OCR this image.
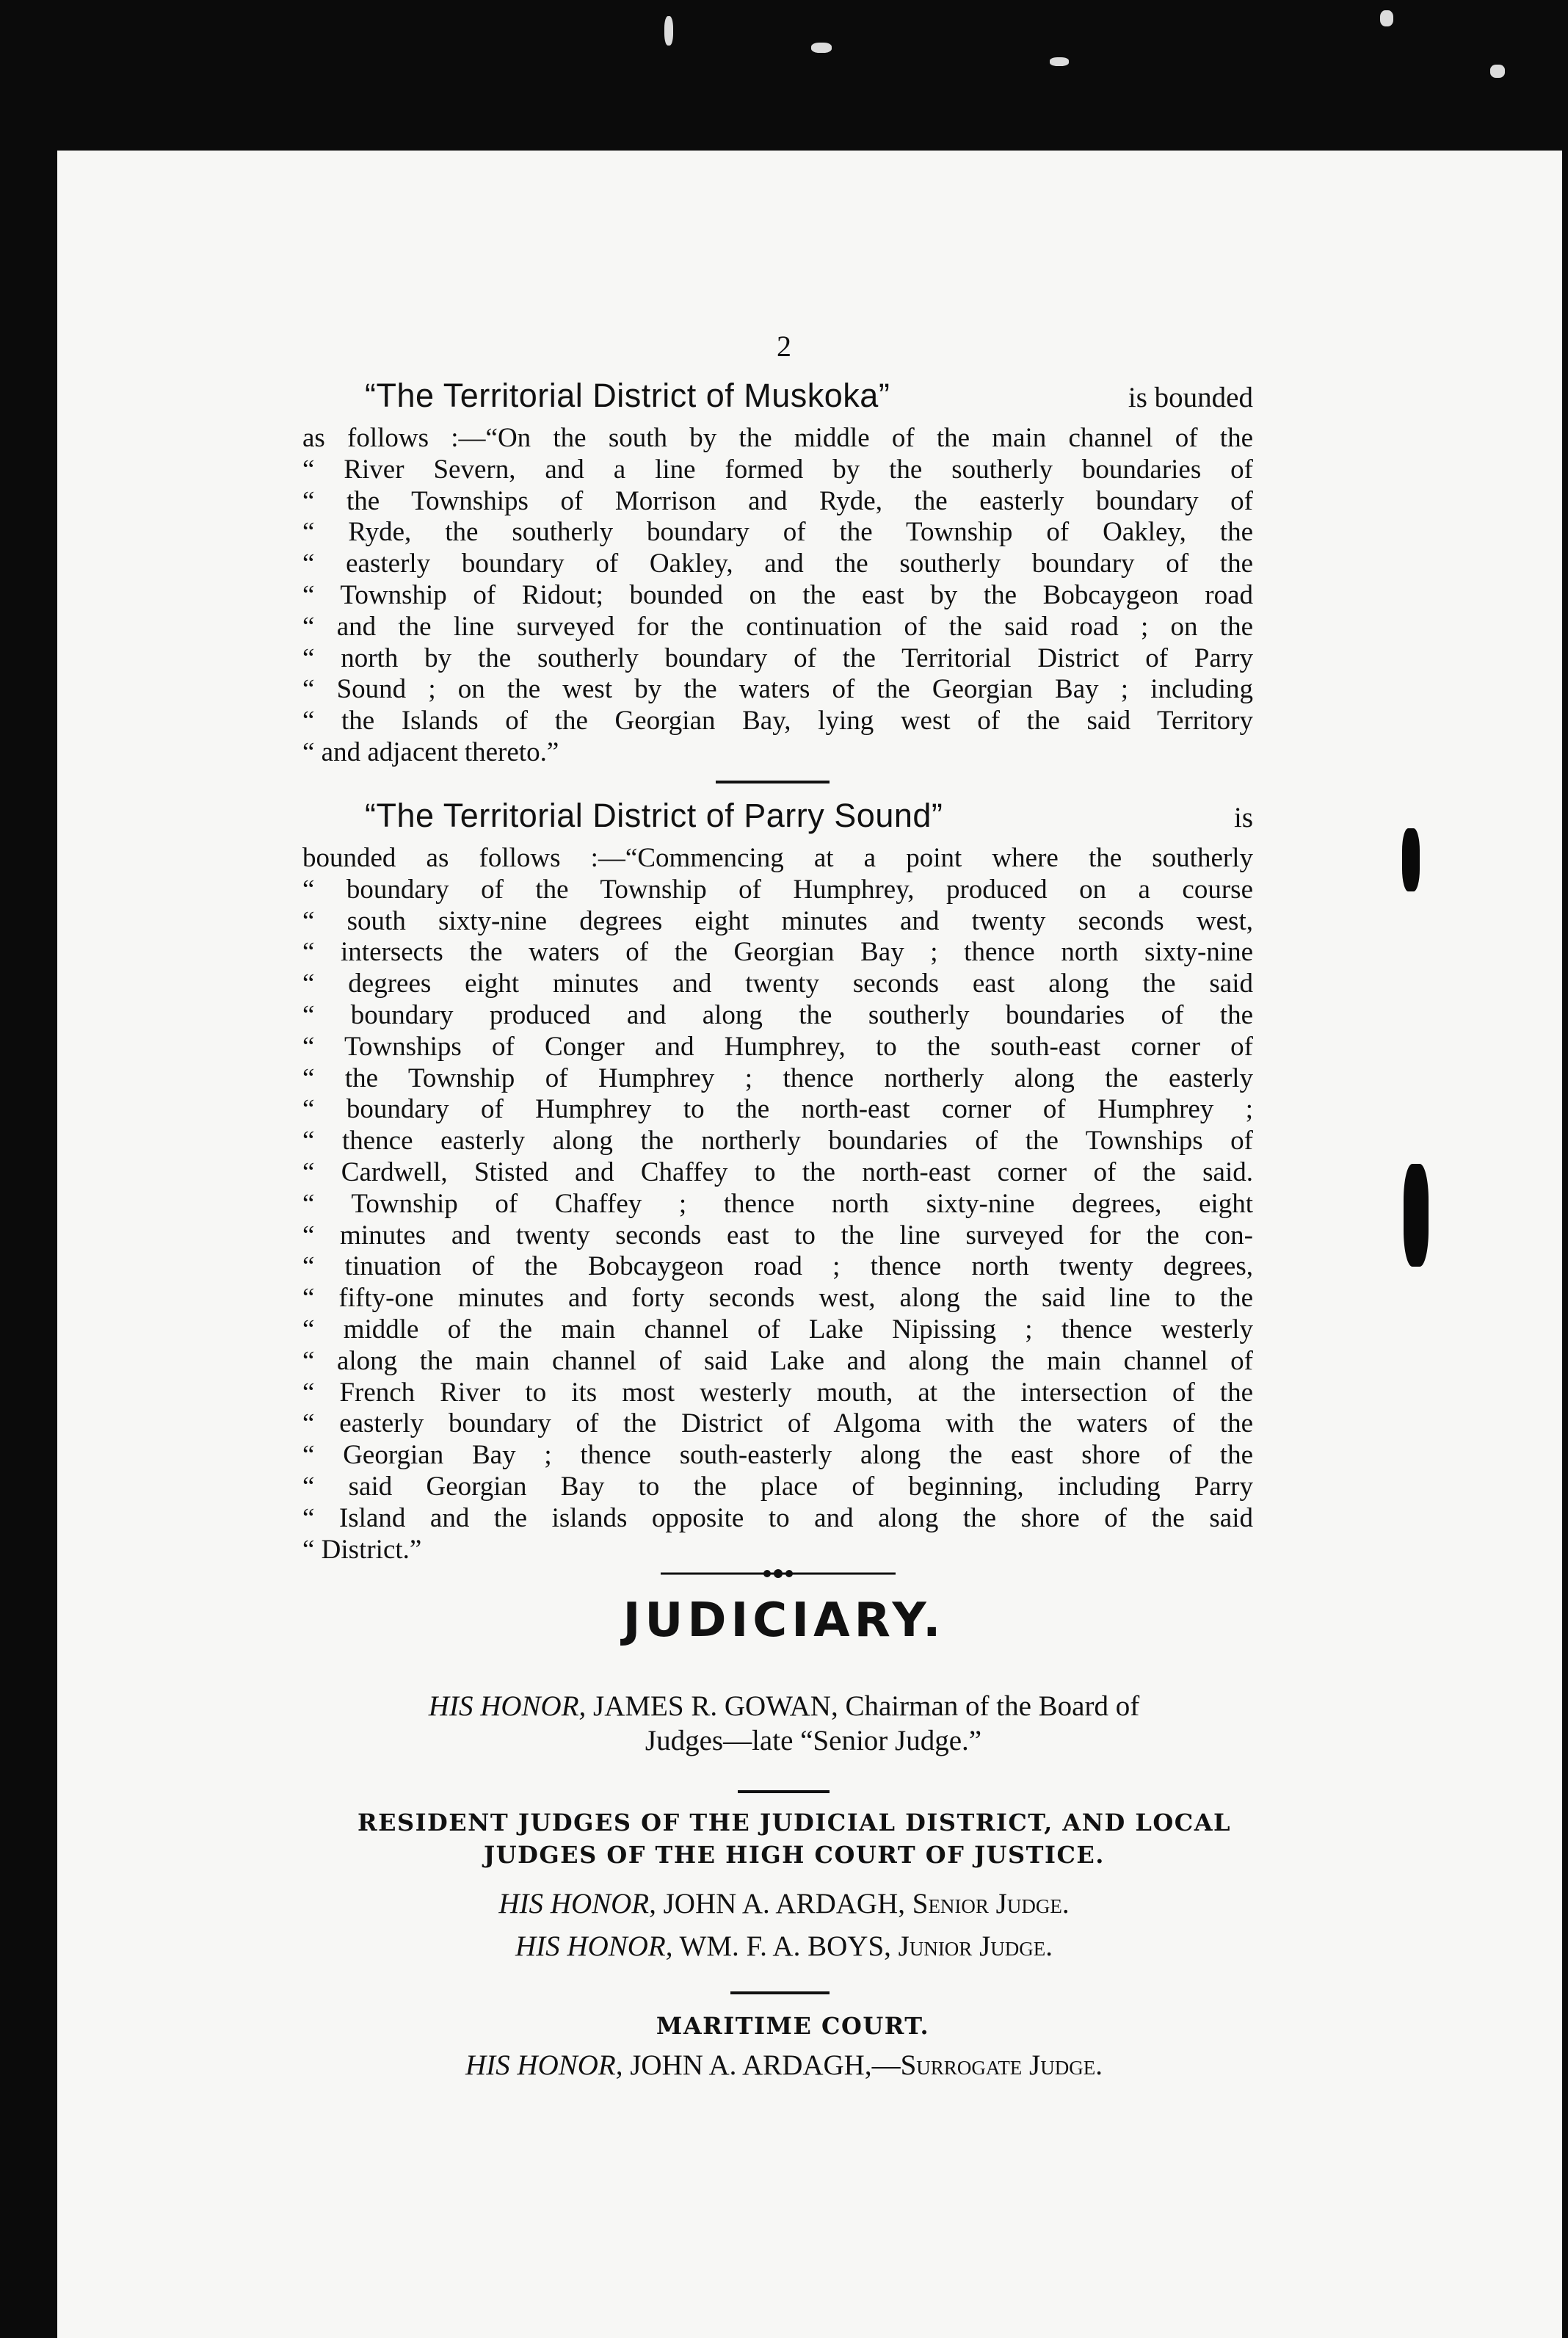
2
“The Territorial District of Muskoka”	is bounded
as follows :—“On the south by the middle of the main channel of the
“ River Severn, and a line formed by the southerly boundaries of
“ the Townships of Morrison and Ryde, the easterly boundary of
“ Ryde, the southerly boundary of the Township of Oakley, the
“ easterly boundary of Oakley, and the southerly boundary of the
“ Township of Ridout; bounded on the east by the Bobcaygeon road
“ and the line surveyed for the continuation of the said road ; on the
“ north by the southerly boundary of the Territorial District of Parry
“ Sound ; on the west by the waters of the Georgian Bay ; including
“ the Islands of the Georgian Bay, lying west of the said Territory
“ and adjacent thereto.”
“The Territorial District of Parry Sound”	is
bounded as follows :—“Commencing at a point where the southerly
“ boundary of the Township of Humphrey, produced on a course
“ south sixty-nine degrees eight minutes and twenty seconds west,
“ intersects the waters of the Georgian Bay ; thence north sixty-nine
“ degrees eight minutes and twenty seconds east along the said
“ boundary produced and along the southerly boundaries of the
“ Townships of Conger and Humphrey, to the south-east corner of
“ the Township of Humphrey ; thence northerly along the easterly
“ boundary of Humphrey to the north-east corner of Humphrey ;
“ thence easterly along the northerly boundaries of the Townships of
“ Cardwell, Stisted and Chaffey to the north-east corner of the said.
“ Township of Chaffey ; thence north sixty-nine degrees, eight
“ minutes and twenty seconds east to the line surveyed for the con-
“ tinuation of the Bobcaygeon road ; thence north twenty degrees,
“ fifty-one minutes and forty seconds west, along the said line to the
“ middle of the main channel of Lake Nipissing ; thence westerly
“ along the main channel of said Lake and along the main channel of
“ French River to its most westerly mouth, at the intersection of the
“ easterly boundary of the District of Algoma with the waters of the
“ Georgian Bay ; thence south-easterly along the east shore of the
“ said Georgian Bay to the place of beginning, including Parry
“ Island and the islands opposite to and along the shore of the said
“ District.”
JUDICIARY.
HIS HONOR, JAMES R. GOWAN, Chairman of the Board of
Judges—late “Senior Judge.”
RESIDENT JUDGES OF THE JUDICIAL DISTRICT, AND LOCAL
JUDGES OF THE HIGH COURT OF JUSTICE.
HIS HONOR, JOHN A. ARDAGH, Senior Judge.
HIS HONOR, WM. F. A. BOYS, Junior Judge.
MARITIME COURT.
HIS HONOR, JOHN A. ARDAGH,—Surrogate Judge.
